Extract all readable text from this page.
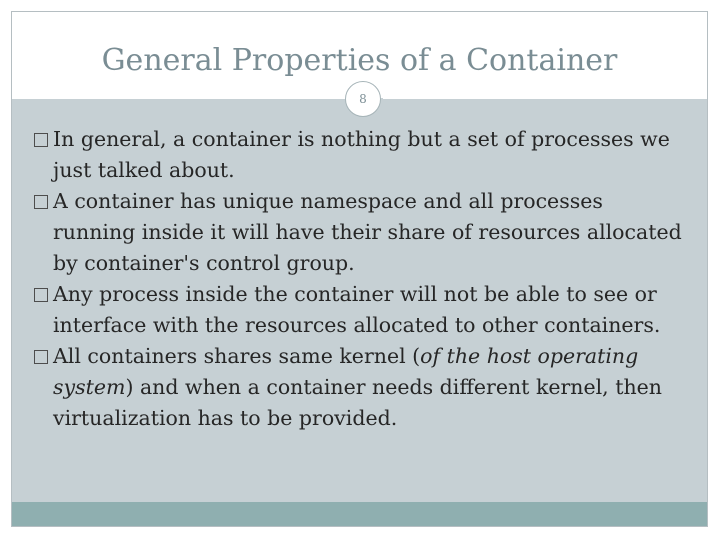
General Properties of a Container
8

In general, a container is nothing but a set of processes we just talked about.

A container has unique namespace and all processes running inside it will have their share of resources allocated by container's control group.

Any process inside the container will not be able to see or interface with the resources allocated to other containers.

All containers shares same kernel (of the host operating system) and when a container needs different kernel, then virtualization has to be provided.
